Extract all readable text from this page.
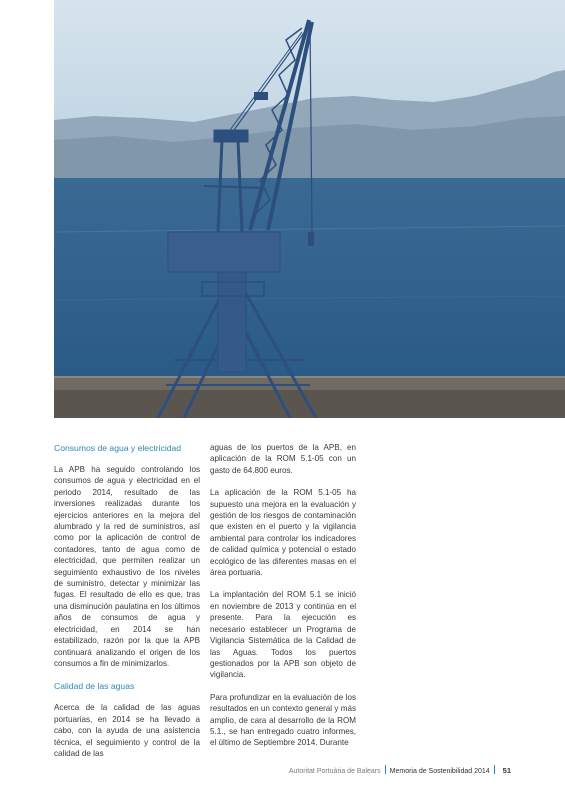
Consumos de agua y electricidad

La APB ha seguido controlando los consumos de agua y electricidad en el periodo 2014, resultado de las inversiones realizadas durante los ejercicios anteriores en la mejora del alumbrado y la red de suministros, así como por la aplicación de control de contadores, tanto de agua como de electricidad, que permiten realizar un seguimiento exhaustivo de los niveles de suministro, detectar y minimizar las fugas. El resultado de ello es que, tras una disminución paulatina en los últimos años de consumos de agua y electricidad, en 2014 se han estabilizado, razón por la que la APB continuará analizando el origen de los consumos a fin de minimizarlos.

Calidad de las aguas

Acerca de la calidad de las aguas portuarias, en 2014 se ha llevado a cabo, con la ayuda de una asistencia técnica, el seguimiento y control de la calidad de las

aguas de los puertos de la APB, en aplicación de la ROM 5.1-05 con un gasto de 64.800 euros.

La aplicación de la ROM 5.1-05 ha supuesto una mejora en la evaluación y gestión de los riesgos de contaminación que existen en el puerto y la vigilancia ambiental para controlar los indicadores de calidad química y potencial o estado ecológico de las diferentes masas en el área portuaria.

La implantación del ROM 5.1 se inició en noviembre de 2013 y continúa en el presente. Para la ejecución es necesario establecer un Programa de Vigilancia Sistemática de la Calidad de las Aguas. Todos los puertos gestionados por la APB son objeto de vigilancia.

Para profundizar en la evaluación de los resultados en un contexto general y más amplio, de cara al desarrollo de la ROM 5.1., se han entregado cuatro informes, el último de Septiembre 2014. Durante

Autoritat Portuària de Balears Memoria de Sostenibilidad 2014 51
